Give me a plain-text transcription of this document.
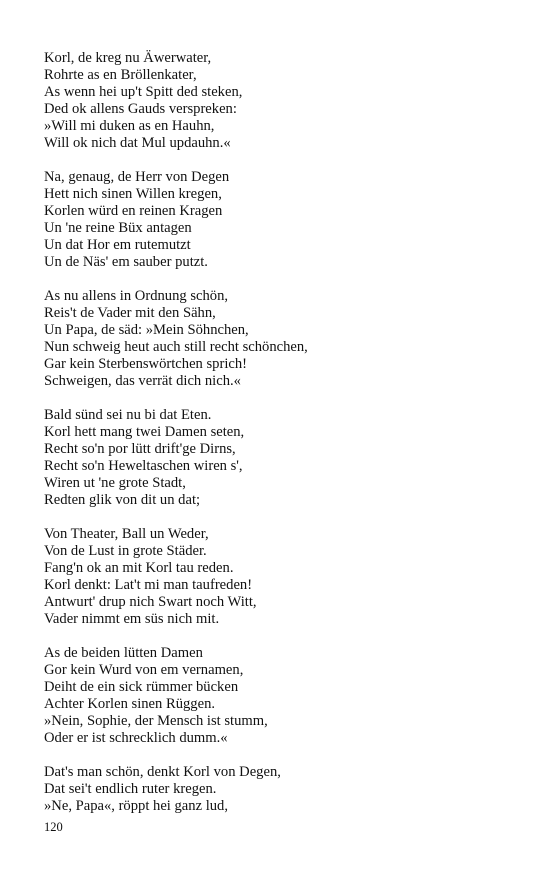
Korl, de kreg nu Äwerwater,
Rohrte as en Bröllenkater,
As wenn hei up't Spitt ded steken,
Ded ok allens Gauds verspreken:
»Will mi duken as en Hauhn,
Will ok nich dat Mul updauhn.«
Na, genaug, de Herr von Degen
Hett nich sinen Willen kregen,
Korlen würd en reinen Kragen
Un 'ne reine Büx antagen
Un dat Hor em rutemutzt
Un de Näs' em sauber putzt.
As nu allens in Ordnung schön,
Reis't de Vader mit den Sähn,
Un Papa, de säd: »Mein Söhnchen,
Nun schweig heut auch still recht schönchen,
Gar kein Sterbenswörtchen sprich!
Schweigen, das verrät dich nich.«
Bald sünd sei nu bi dat Eten.
Korl hett mang twei Damen seten,
Recht so'n por lütt drift'ge Dirns,
Recht so'n Heweltaschen wiren s',
Wiren ut 'ne grote Stadt,
Redten glik von dit un dat;
Von Theater, Ball un Weder,
Von de Lust in grote Städer.
Fang'n ok an mit Korl tau reden.
Korl denkt: Lat't mi man taufreden!
Antwurt' drup nich Swart noch Witt,
Vader nimmt em süs nich mit.
As de beiden lütten Damen
Gor kein Wurd von em vernamen,
Deiht de ein sick rümmer bücken
Achter Korlen sinen Rüggen.
»Nein, Sophie, der Mensch ist stumm,
Oder er ist schrecklich dumm.«
Dat's man schön, denkt Korl von Degen,
Dat sei't endlich ruter kregen.
»Ne, Papa«, röppt hei ganz lud,
120
